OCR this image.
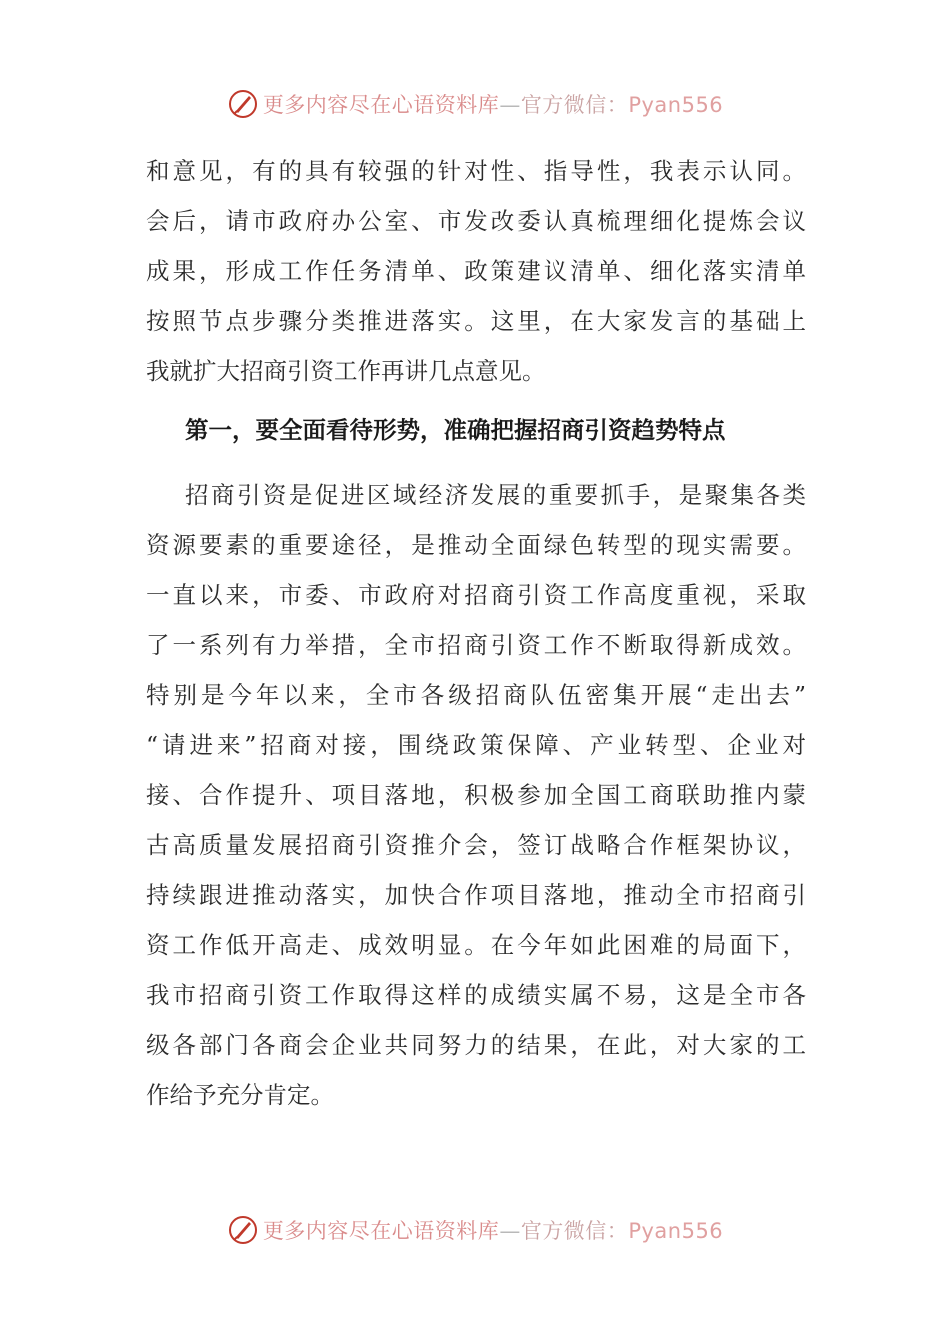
更多内容尽在心语资料库—官方微信：Pyan556
和意见，有的具有较强的针对性、指导性，我表示认同。
会后，请市政府办公室、市发改委认真梳理细化提炼会议
成果，形成工作任务清单、政策建议清单、细化落实清单
按照节点步骤分类推进落实。这里，在大家发言的基础上
我就扩大招商引资工作再讲几点意见。
第一，要全面看待形势，准确把握招商引资趋势特点
招商引资是促进区域经济发展的重要抓手，是聚集各类
资源要素的重要途径，是推动全面绿色转型的现实需要。
一直以来，市委、市政府对招商引资工作高度重视，采取
了一系列有力举措，全市招商引资工作不断取得新成效。
特别是今年以来，全市各级招商队伍密集开展“走出去”
“请进来”招商对接，围绕政策保障、产业转型、企业对
接、合作提升、项目落地，积极参加全国工商联助推内蒙
古高质量发展招商引资推介会，签订战略合作框架协议，
持续跟进推动落实，加快合作项目落地，推动全市招商引
资工作低开高走、成效明显。在今年如此困难的局面下，
我市招商引资工作取得这样的成绩实属不易，这是全市各
级各部门各商会企业共同努力的结果，在此，对大家的工
作给予充分肯定。
更多内容尽在心语资料库—官方微信：Pyan556
